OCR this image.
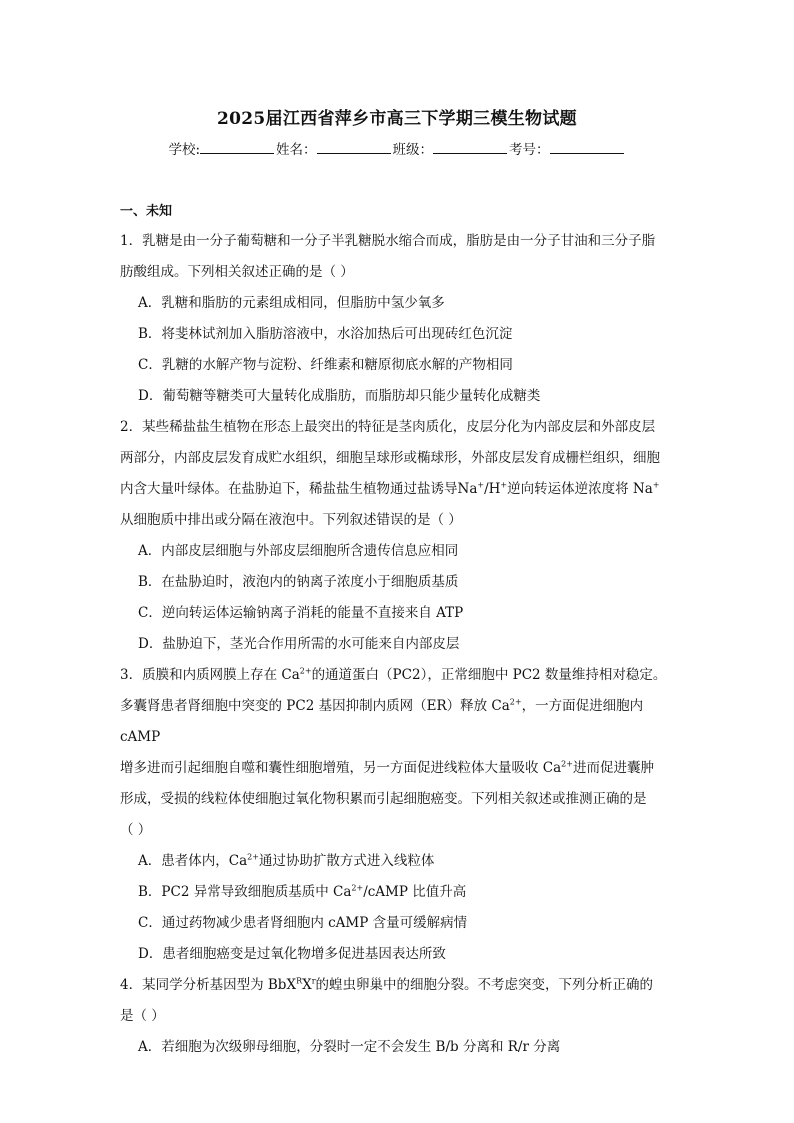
2025届江西省萍乡市高三下学期三模生物试题
学校:	姓名：	班级：	考号：
一、未知

1．乳糖是由一分子葡萄糖和一分子半乳糖脱水缩合而成，脂肪是由一分子甘油和三分子脂

肪酸组成。下列相关叙述正确的是（ ）

A．乳糖和脂肪的元素组成相同，但脂肪中氢少氧多

B．将斐林试剂加入脂肪溶液中，水浴加热后可出现砖红色沉淀

C．乳糖的水解产物与淀粉、纤维素和糖原彻底水解的产物相同

D．葡萄糖等糖类可大量转化成脂肪，而脂肪却只能少量转化成糖类

2．某些稀盐盐生植物在形态上最突出的特征是茎肉质化，皮层分化为内部皮层和外部皮层

两部分，内部皮层发育成贮水组织，细胞呈球形或椭球形，外部皮层发育成栅栏组织，细胞

内含大量叶绿体。在盐胁迫下，稀盐盐生植物通过盐诱导Na+/H+逆向转运体逆浓度将 Na+

从细胞质中排出或分隔在液泡中。下列叙述错误的是（ ）

A．内部皮层细胞与外部皮层细胞所含遗传信息应相同

B．在盐胁迫时，液泡内的钠离子浓度小于细胞质基质

C．逆向转运体运输钠离子消耗的能量不直接来自 ATP

D．盐胁迫下，茎光合作用所需的水可能来自内部皮层

3．质膜和内质网膜上存在 $Ca^{2+}$的通道蛋白（PC2），正常细胞中 PC2 数量维持相对稳定。

多囊肾患者肾细胞中突变的 PC2 基因抑制内质网（ER）释放 $Ca^{2+}$，一方面促进细胞内 cAMP

增多进而引起细胞自噬和囊性细胞增殖，另一方面促进线粒体大量吸收 $Ca^{2+}$进而促进囊肿

形成，受损的线粒体使细胞过氧化物积累而引起细胞癌变。下列相关叙述或推测正确的是

（ ）

A．患者体内，$Ca^{2+}$通过协助扩散方式进入线粒体

B．PC2 异常导致细胞质基质中 $Ca^{2+}$/cAMP 比值升高

C．通过药物减少患者肾细胞内 cAMP 含量可缓解病情

D．患者细胞癌变是过氧化物增多促进基因表达所致

4．某同学分析基因型为 $BbX^RX^r$的蝗虫卵巢中的细胞分裂。不考虑突变，下列分析正确的

是（ ）

A．若细胞为次级卵母细胞，分裂时一定不会发生 B/b 分离和 R/r 分离
